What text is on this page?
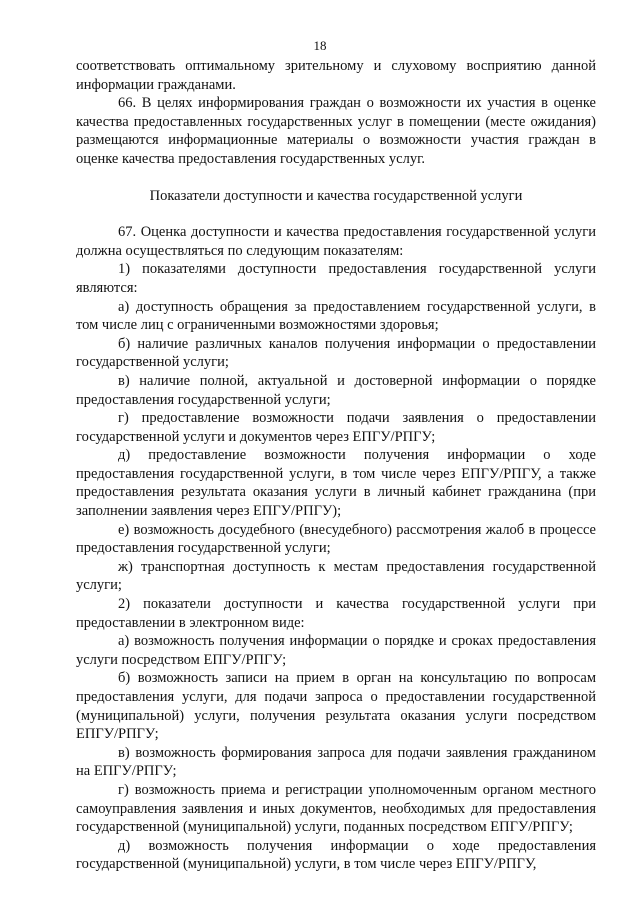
18

соответствовать оптимальному зрительному и слуховому восприятию данной информации гражданами.

66. В целях информирования граждан о возможности их участия в оценке качества предоставленных государственных услуг в помещении (месте ожидания) размещаются информационные материалы о возможности участия граждан в оценке качества предоставления государственных услуг.

Показатели доступности и качества государственной услуги

67. Оценка доступности и качества предоставления государственной услуги должна осуществляться по следующим показателям:

1) показателями доступности предоставления государственной услуги являются:

а) доступность обращения за предоставлением государственной услуги, в том числе лиц с ограниченными возможностями здоровья;

б) наличие различных каналов получения информации о предоставлении государственной услуги;

в) наличие полной, актуальной и достоверной информации о порядке предоставления государственной услуги;

г) предоставление возможности подачи заявления о предоставлении государственной услуги и документов через ЕПГУ/РПГУ;

д) предоставление возможности получения информации о ходе предоставления государственной услуги, в том числе через ЕПГУ/РПГУ, а также предоставления результата оказания услуги в личный кабинет гражданина (при заполнении заявления через ЕПГУ/РПГУ);

е) возможность досудебного (внесудебного) рассмотрения жалоб в процессе предоставления государственной услуги;

ж) транспортная доступность к местам предоставления государственной услуги;

2) показатели доступности и качества государственной услуги при предоставлении в электронном виде:

а) возможность получения информации о порядке и сроках предоставления услуги посредством ЕПГУ/РПГУ;

б) возможность записи на прием в орган на консультацию по вопросам предоставления услуги, для подачи запроса о предоставлении государственной (муниципальной) услуги, получения результата оказания услуги посредством ЕПГУ/РПГУ;

в) возможность формирования запроса для подачи заявления гражданином на ЕПГУ/РПГУ;

г) возможность приема и регистрации уполномоченным органом местного самоуправления заявления и иных документов, необходимых для предоставления государственной (муниципальной) услуги, поданных посредством ЕПГУ/РПГУ;

д) возможность получения информации о ходе предоставления государственной (муниципальной) услуги, в том числе через ЕПГУ/РПГУ,
